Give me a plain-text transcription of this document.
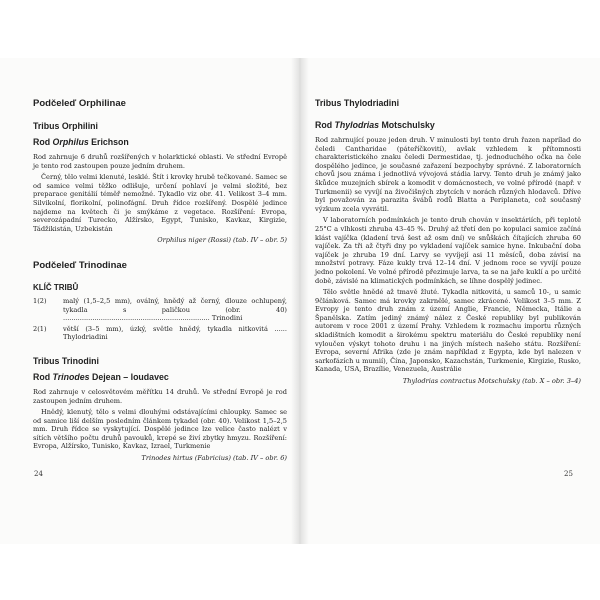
Podčeleď Orphilinae
Tribus Orphilini
Rod Orphilus Erichson

Rod zahrnuje 6 druhů rozšířených v holarktické oblasti. Ve střední Evropě je tento rod zastoupen pouze jedním druhem.

Černý, tělo velmi klenuté, lesklé. Štít i krovky hrubě tečkované. Samec se od samice velmi těžko odlišuje, určení pohlaví je velmi složité, bez preparace genitálií téměř nemožné. Tykadlo viz obr. 41. Velikost 3–4 mm. Silvikolní, florikolní, polinofágní. Druh řídce rozšířený. Dospělé jedince najdeme na květech či je smýkáme z vegetace. Rozšíření: Evropa, severozápadní Turecko, Alžírsko, Egypt, Tunisko, Kavkaz, Kirgizie, Tádžikistán, Uzbekistán

Orphilus niger (Rossi) (tab. IV – obr. 5)

Podčeleď Trinodinae
KLÍČ TRIBŮ
1(2)	malý (1,5–2,5 mm), oválný, hnědý až černý, dlouze ochlupený, tykadla s paličkou (obr. 40) ...................................................................... Trinodini
2(1)	větší (3–5 mm), úzký, světle hnědý, tykadla nitkovitá ...... Thylodriadini
Tribus Trinodini
Rod Trinodes Dejean – loudavec

Rod zahrnuje v celosvětovém měřítku 14 druhů. Ve střední Evropě je rod zastoupen jedním druhem.

Hnědý, klenutý, tělo s velmi dlouhými odstávajícími chloupky. Samec se od samice liší delším posledním článkem tykadel (obr. 40). Velikost 1,5–2,5 mm. Druh řídce se vyskytující. Dospělé jedince lze velice často nalézt v sítích většího počtu druhů pavouků, kтерé se živí zbytky hmyzu. Rozšíření: Evropa, Alžírsko, Tunisko, Kavkaz, Izrael, Turkmenie

Trinodes hirtus (Fabricius) (tab. IV – obr. 6)

24
Tribus Thylodriadini
Rod Thylodrias Motschulsky

Rod zahrnující pouze jeden druh. V minulosti byl tento druh řazen naprílad do čeledi Cantharidae (páteříčkovití), avšak vzhledem k přítomnosti charakteristického znaku čeledi Dermestidae, tj. jednoduchého očka na čele dospělého jedince, je současné zařazení bezpochyby správné. Z laboratorních chovů jsou známa i jednotlivá vývojová stádia larvy. Tento druh je známý jako škůdce muzejních sbírek a komodit v domácnostech, ve volné přírodě (např. v Turkmenii) se vyvíjí na živočišných zbytcích v norách různých hlodavců. Dříve byl považován za parazita švábů rodů Blatta a Periplaneta, což současný výzkum zcela vyvrátil.

V laboratorních podmínkách je tento druh chován v insektáriích, při teplotě 25°C a vlhkosti zhruba 43–45 %. Druhý až třetí den po kopulaci samice začíná klást vajíčka (kladení trvá šest až osm dní) ve snůškách čítajících zhruba 60 vajíček. Za tři až čtyři dny po vykladení vajíček samice hyne. Inkubační doba vajíček je zhruba 19 dní. Larvy se vyvíjejí asi 11 měsíců, doba závisí na množství potravy. Fáze kukly trvá 12–14 dní. V jednom roce se vyvíjí pouze jedno pokolení. Ve volné přírodě přezimuje larva, ta se na jaře kuklí a po určité době, závislé na klimatických podmínkách, se líhne dospělý jedinec.

Tělo světle hnědé až tmavě žluté. Tykadla nitkovitá, u samců 10-, u samic 9článková. Samec má krovky zakrnělé, samec zkrácené. Velikost 3–5 mm. Z Evropy je tento druh znám z území Anglie, Francie, Německa, Itálie a Španělska. Zatím jediný známý nález z České republiky byl publikován autorem v roce 2001 z území Prahy. Vzhledem k rozmachu importu různých skladištních komodit a širokému spektru materiálu do České republiky není vyloučen výskyt tohoto druhu i na jiných místech našeho státu. Rozšíření: Evropa, severní Afrika (zde je znám například z Egypta, kde byl nalezen v sarkofázích u mumií), Čína, Japonsko, Kazachstán, Turkmenie, Kirgizie, Rusko, Kanada, USA, Brazílie, Venezuela, Austrálie

Thylodrias contractus Motschulsky (tab. X – obr. 3–4)

25
